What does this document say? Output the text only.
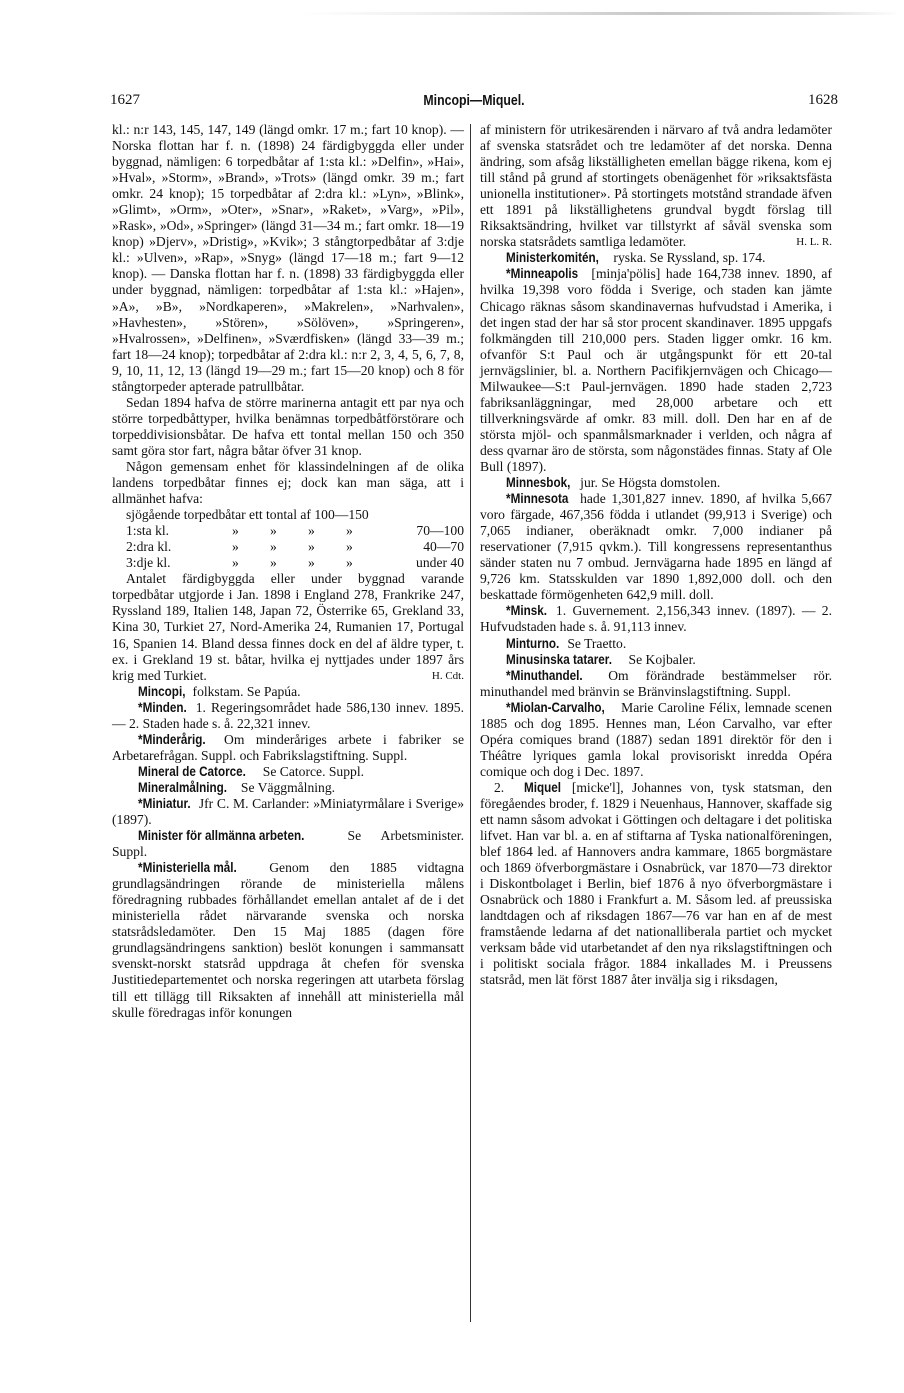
1627	Mincopi—Miquel.	1628

kl.: n:r 143, 145, 147, 149 (längd omkr. 17 m.; fart 10 knop). — Norska flottan har f. n. (1898) 24 färdigbyggda eller under byggnad, nämligen: 6 torpedbåtar af 1:sta kl.: »Delfin», »Hai», »Hval», »Storm», »Brand», »Trots» (längd omkr. 39 m.; fart omkr. 24 knop); 15 torpedbåtar af 2:dra kl.: »Lyn», »Blink», »Glimt», »Orm», »Oter», »Snar», »Raket», »Varg», »Pil», »Rask», »Od», »Springer» (längd 31—34 m.; fart omkr. 18—19 knop) »Djerv», »Dristig», »Kvik»; 3 stångtorpedbåtar af 3:dje kl.: »Ulven», »Rap», »Snyg» (längd 17—18 m.; fart 9—12 knop). — Danska flottan har f. n. (1898) 33 färdigbyggda eller under byggnad, nämligen: torpedbåtar af 1:sta kl.: »Hajen», »A», »B», »Nordkaperen», »Makrelen», »Narhvalen», »Havhesten», »Stören», »Sölöven», »Springeren», »Hvalrossen», »Delfinen», »Sværdfisken» (längd 33—39 m.; fart 18—24 knop); torpedbåtar af 2:dra kl.: n:r 2, 3, 4, 5, 6, 7, 8, 9, 10, 11, 12, 13 (längd 19—29 m.; fart 15—20 knop) och 8 för stångtorpeder apterade patrullbåtar.

Sedan 1894 hafva de större marinerna antagit ett par nya och större torpedbåttyper, hvilka benämnas torpedbåtförstörare och torpeddivisionsbåtar. De hafva ett tontal mellan 150 och 350 samt göra stor fart, några båtar öfver 31 knop.

Någon gemensam enhet för klassindelningen af de olika landens torpedbåtar finnes ej; dock kan man säga, att i allmänhet hafva:

sjögående torpedbåtar ett tontal af 100—150
1:sta kl.	»	»	»	»	70—100
2:dra kl.	»	»	»	»	40—70
3:dje kl.	»	»	»	»	under 40

Antalet färdigbyggda eller under byggnad varande torpedbåtar utgjorde i Jan. 1898 i England 278, Frankrike 247, Ryssland 189, Italien 148, Japan 72, Österrike 65, Grekland 33, Kina 30, Turkiet 27, Nord-Amerika 24, Rumanien 17, Portugal 16, Spanien 14. Bland dessa finnes dock en del af äldre typer, t. ex. i Grekland 19 st. båtar, hvilka ej nyttjades under 1897 års krig med Turkiet.	H. Cdt.

Mincopi, folkstam. Se Papúa.

*Minden. 1. Regeringsområdet hade 586,130 innev. 1895. — 2. Staden hade s. å. 22,321 innev.

*Minderårig. Om minderåriges arbete i fabriker se Arbetarefrågan. Suppl. och Fabrikslagstiftning. Suppl.

Mineral de Catorce. Se Catorce. Suppl.

Mineralmålning. Se Väggmålning.

*Miniatur. Jfr C. M. Carlander: »Miniatyrmålare i Sverige» (1897).

Minister för allmänna arbeten. Se Arbetsminister. Suppl.

*Ministeriella mål. Genom den 1885 vidtagna grundlagsändringen rörande de ministeriella målens föredragning rubbades förhållandet emellan antalet af de i det ministeriella rådet närvarande svenska och norska statsrådsledamöter. Den 15 Maj 1885 (dagen före grundlagsändringens sanktion) beslöt konungen i sammansatt svenskt-norskt statsråd uppdraga åt chefen för svenska Justitiedepartementet och norska regeringen att utarbeta förslag till ett tillägg till Riksakten af innehåll att ministeriella mål skulle föredragas inför konungen

af ministern för utrikesärenden i närvaro af två andra ledamöter af svenska statsrådet och tre ledamöter af det norska. Denna ändring, som afsåg likställigheten emellan bägge rikena, kom ej till stånd på grund af stortingets obenägenhet för »riksaktsfästa unionella institutioner». På stortingets motstånd strandade äfven ett 1891 på likställighetens grundval bygdt förslag till Riksaktsändring, hvilket var tillstyrkt af såväl svenska som norska statsrådets samtliga ledamöter.	H. L. R.

Ministerkomitén, ryska. Se Ryssland, sp. 174.

*Minneapolis [minja'pölis] hade 164,738 innev. 1890, af hvilka 19,398 voro födda i Sverige, och staden kan jämte Chicago räknas såsom skandinavernas hufvudstad i Amerika, i det ingen stad der har så stor procent skandinaver. 1895 uppgafs folkmängden till 210,000 pers. Staden ligger omkr. 16 km. ofvanför S:t Paul och är utgångspunkt för ett 20-tal jernvägslinier, bl. a. Northern Pacifikjernvägen och Chicago—Milwaukee—S:t Paul-jernvägen. 1890 hade staden 2,723 fabriksanläggningar, med 28,000 arbetare och ett tillverkningsvärde af omkr. 83 mill. doll. Den har en af de största mjöl- och spanmålsmarknader i verlden, och några af dess qvarnar äro de största, som någonstädes finnas. Staty af Ole Bull (1897).

Minnesbok, jur. Se Högsta domstolen.

*Minnesota hade 1,301,827 innev. 1890, af hvilka 5,667 voro färgade, 467,356 födda i utlandet (99,913 i Sverige) och 7,065 indianer, oberäknadt omkr. 7,000 indianer på reservationer (7,915 qvkm.). Till kongressens representanthus sänder staten nu 7 ombud. Jernvägarna hade 1895 en längd af 9,726 km. Statsskulden var 1890 1,892,000 doll. och den beskattade förmögenheten 642,9 mill. doll.

*Minsk. 1. Guvernement. 2,156,343 innev. (1897). — 2. Hufvudstaden hade s. å. 91,113 innev.

Minturno. Se Traetto.

Minusinska tatarer. Se Kojbaler.

*Minuthandel. Om förändrade bestämmelser rör. minuthandel med bränvin se Bränvinslagstiftning. Suppl.

*Miolan-Carvalho, Marie Caroline Félix, lemnade scenen 1885 och dog 1895. Hennes man, Léon Carvalho, var efter Opéra comiques brand (1887) sedan 1891 direktör för den i Théâtre lyriques gamla lokal provisoriskt inredda Opéra comique och dog i Dec. 1897.

2. Miquel [micke'l], Johannes von, tysk statsman, den föregåendes broder, f. 1829 i Neuenhaus, Hannover, skaffade sig ett namn såsom advokat i Göttingen och deltagare i det politiska lifvet. Han var bl. a. en af stiftarna af Tyska nationalföreningen, blef 1864 led. af Hannovers andra kammare, 1865 borgmästare och 1869 öfverborgmästare i Osnabrück, var 1870—73 direktor i Diskontbolaget i Berlin, bief 1876 å nyo öfverborgmästare i Osnabrück och 1880 i Frankfurt a. M. Såsom led. af preussiska landtdagen och af riksdagen 1867—76 var han en af de mest framstående ledarna af det nationalliberala partiet och mycket verksam både vid utarbetandet af den nya rikslagstiftningen och i politiskt sociala frågor. 1884 inkallades M. i Preussens statsråd, men lät först 1887 åter invälja sig i riksdagen,
